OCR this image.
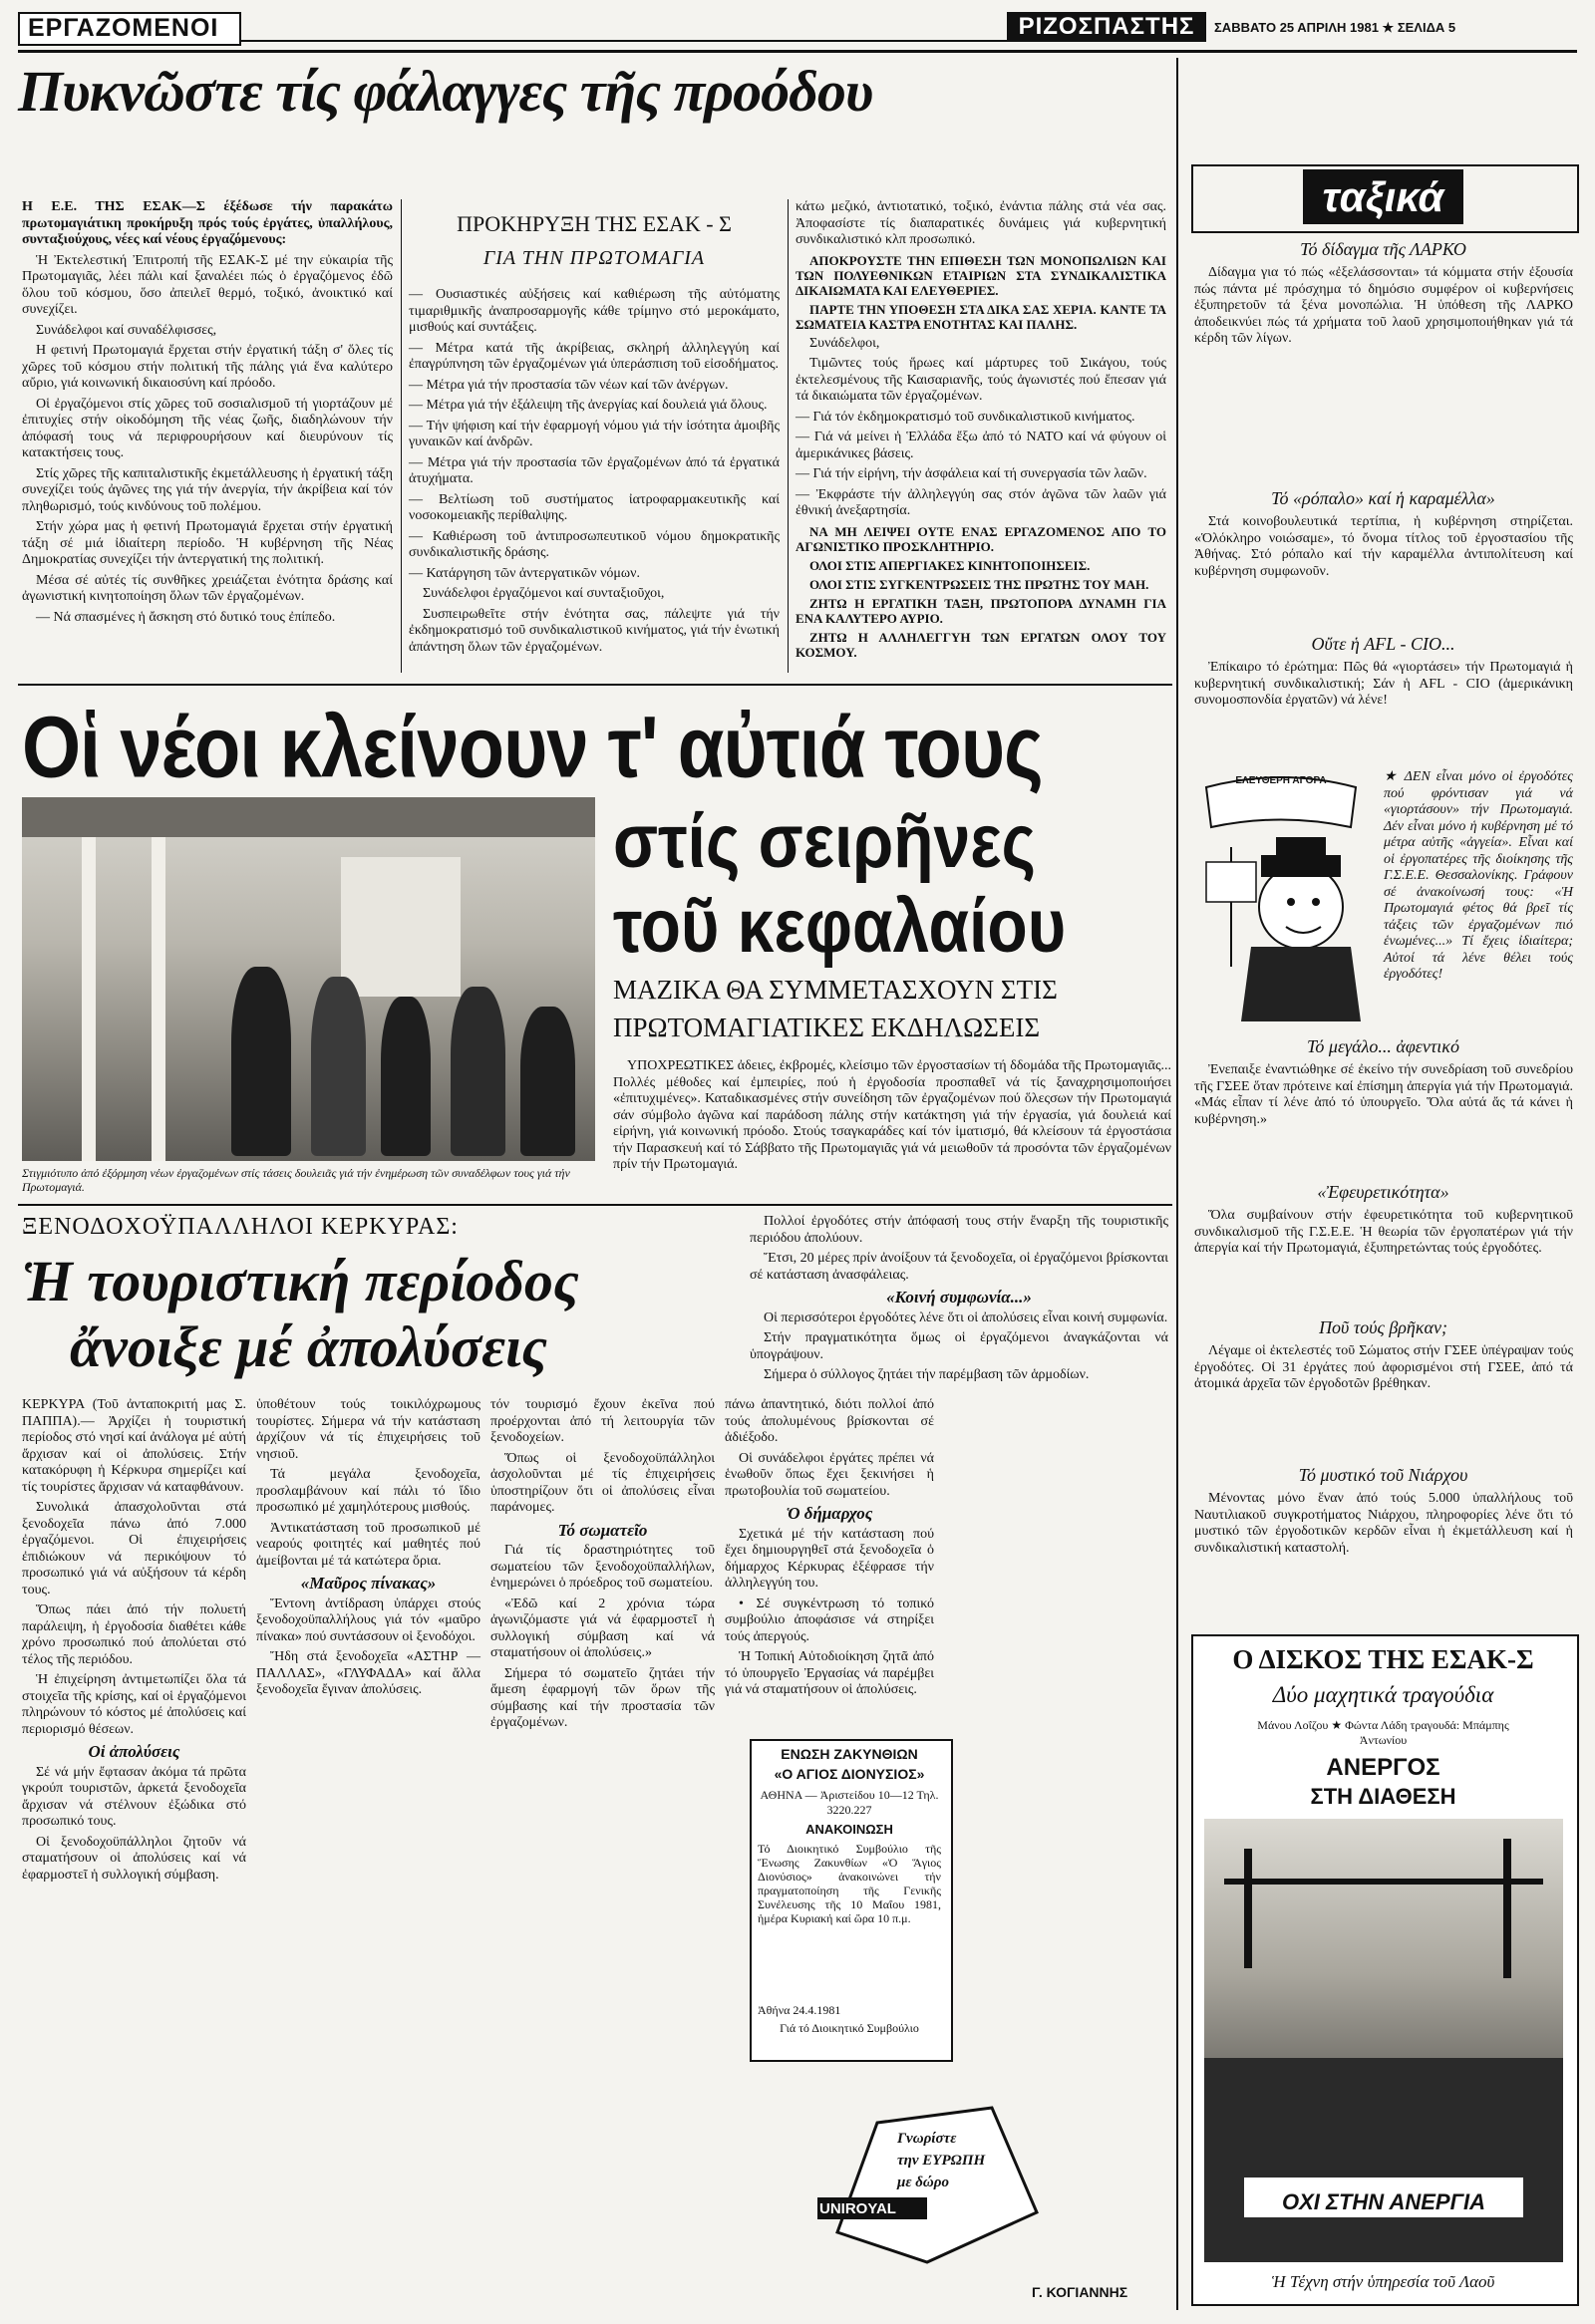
ΕΡΓΑΖΟΜΕΝΟΙ	ΡΙΖΟΣΠΑΣΤΗΣ	ΣΑΒΒΑΤΟ 25 ΑΠΡΙΛΗ 1981 ★ ΣΕΛΙΔΑ 5
Πυκνῶστε τίς φάλαγγες τῆς προόδου

Η Ε.Ε. ΤΗΣ ΕΣΑΚ—Σ έξέδωσε τήν παρακάτω πρωτομαγιάτικη προκήρυξη πρός τούς ἐργάτες, ὑπαλλήλους, συνταξιούχους, νέες καί νέους ἐργαζόμενους:

Ἡ Ἐκτελεστική Ἐπιτροπή τῆς ΕΣΑΚ-Σ μέ την εὐκαιρία τῆς Πρωτομαγιᾶς, λέει πάλι καί ξαναλέει πώς ὁ ἐργαζόμενος ἐδῶ ὅλου τοῦ κόσμου, ὅσο ἀπειλεῖ θερμό, τοξικό, ἀνοικτικό καί συνεχίζει.

Συνάδελφοι καί συναδέλφισσες,

Η φετινή Πρωτομαγιά ἔρχεται στήν ἐργατική τάξη σ' ὅλες τίς χῶρες τοῦ κόσμου στήν πολιτική τῆς πάλης γιά ἕνα καλύτερο αὔριο, γιά κοινωνική δικαιοσύνη καί πρόοδο.

Οἱ ἐργαζόμενοι στίς χῶρες τοῦ σοσιαλισμοῦ τή γιορτάζουν μέ ἐπιτυχίες στήν οἰκοδόμηση τῆς νέας ζωῆς, διαδηλώνουν τήν ἀπόφασή τους νά περιφρουρήσουν καί διευρύνουν τίς κατακτήσεις τους.

Στίς χῶρες τῆς καπιταλιστικῆς ἐκμετάλλευσης ἡ ἐργατική τάξη συνεχίζει τούς ἀγῶνες της γιά τήν ἀνεργία, τήν ἀκρίβεια καί τόν πληθωρισμό, τούς κινδύνους τοῦ πολέμου.

Στήν χώρα μας ἡ φετινή Πρωτομαγιά ἔρχεται στήν ἐργατική τάξη σέ μιά ἰδιαίτερη περίοδο. Ἡ κυβέρνηση τῆς Νέας Δημοκρατίας συνεχίζει τήν ἀντεργατική της πολιτική.

Μέσα σέ αὐτές τίς συνθῆκες χρειάζεται ἑνότητα δράσης καί ἀγωνιστική κινητοποίηση ὅλων τῶν ἐργαζομένων.

— Νά σπασμένες ἡ ἄσκηση στό δυτικό τους ἐπίπεδο.

ΠΡΟΚΗΡΥΞΗ ΤΗΣ ΕΣΑΚ - Σ
ΓΙΑ ΤΗΝ ΠΡΩΤΟΜΑΓΙΑ

— Ουσιαστικές αὐξήσεις καί καθιέρωση τῆς αὐτόματης τιμαριθμικῆς ἀναπροσαρμογῆς κάθε τρίμηνο στό μεροκάματο, μισθούς καί συντάξεις.

— Μέτρα κατά τῆς ἀκρίβειας, σκληρή ἀλληλεγγύη καί ἐπαγρύπνηση τῶν ἐργαζομένων γιά ὑπεράσπιση τοῦ εἰσοδήματος.

— Μέτρα γιά τήν προστασία τῶν νέων καί τῶν ἀνέργων.

— Μέτρα γιά τήν ἐξάλειψη τῆς ἀνεργίας καί δουλειά γιά ὅλους.

— Τήν ψήφιση καί τήν ἐφαρμογή νόμου γιά τήν ἰσότητα ἀμοιβῆς γυναικῶν καί ἀνδρῶν.

— Μέτρα γιά τήν προστασία τῶν ἐργαζομένων ἀπό τά ἐργατικά ἀτυχήματα.

— Βελτίωση τοῦ συστήματος ἰατροφαρμακευτικῆς καί νοσοκομειακῆς περίθαλψης.

— Καθιέρωση τοῦ ἀντιπροσωπευτικοῦ νόμου δημοκρατικῆς συνδικαλιστικῆς δράσης.

— Κατάργηση τῶν ἀντεργατικῶν νόμων.

Συνάδελφοι ἐργαζόμενοι καί συνταξιοῦχοι,

Συσπειρωθεῖτε στήν ἑνότητα σας, πάλεψτε γιά τήν ἐκδημοκρατισμό τοῦ συνδικαλιστικοῦ κινήματος, γιά τήν ἑνωτική ἀπάντηση ὅλων τῶν ἐργαζομένων.

κάτω μεζικό, ἀντιοτατικό, τοξικό, ἐνάντια πάλης στά νέα σας. Ἀποφασίστε τίς διαπαρατικές δυνάμεις γιά κυβερνητική συνδικαλιστικό κλπ προσωπικό.

ΑΠΟΚΡΟΥΣΤΕ ΤΗΝ ΕΠΙΘΕΣΗ ΤΩΝ ΜΟΝΟΠΩΛΙΩΝ ΚΑΙ ΤΩΝ ΠΟΛΥΕΘΝΙΚΩΝ ΕΤΑΙΡΙΩΝ ΣΤΑ ΣΥΝΔΙΚΑΛΙΣΤΙΚΑ ΔΙΚΑΙΩΜΑΤΑ ΚΑΙ ΕΛΕΥΘΕΡΙΕΣ.

ΠΑΡΤΕ ΤΗΝ ΥΠΟΘΕΣΗ ΣΤΑ ΔΙΚΑ ΣΑΣ ΧΕΡΙΑ. ΚΑΝΤΕ ΤΑ ΣΩΜΑΤΕΙΑ ΚΑΣΤΡΑ ΕΝΟΤΗΤΑΣ ΚΑΙ ΠΑΛΗΣ.

Συνάδελφοι,

Τιμῶντες τούς ἥρωες καί μάρτυρες τοῦ Σικάγου, τούς ἐκτελεσμένους τῆς Καισαριανῆς, τούς ἀγωνιστές πού ἔπεσαν γιά τά δικαιώματα τῶν ἐργαζομένων.

— Γιά τόν ἐκδημοκρατισμό τοῦ συνδικαλιστικοῦ κινήματος.

— Γιά νά μείνει ἡ Ἑλλάδα ἔξω ἀπό τό ΝΑΤΟ καί νά φύγουν οἱ ἀμερικάνικες βάσεις.

— Γιά τήν εἰρήνη, τήν ἀσφάλεια καί τή συνεργασία τῶν λαῶν.

— Ἐκφράστε τήν ἀλληλεγγύη σας στόν ἀγῶνα τῶν λαῶν γιά ἐθνική ἀνεξαρτησία.

ΝΑ ΜΗ ΛΕΙΨΕΙ ΟΥΤΕ ΕΝΑΣ ΕΡΓΑΖΟΜΕΝΟΣ ΑΠΟ ΤΟ ΑΓΩΝΙΣΤΙΚΟ ΠΡΟΣΚΛΗΤΗΡΙΟ.

ΟΛΟΙ ΣΤΙΣ ΑΠΕΡΓΙΑΚΕΣ ΚΙΝΗΤΟΠΟΙΗΣΕΙΣ.

ΟΛΟΙ ΣΤΙΣ ΣΥΓΚΕΝΤΡΩΣΕΙΣ ΤΗΣ ΠΡΩΤΗΣ ΤΟΥ ΜΑΗ.

ΖΗΤΩ Η ΕΡΓΑΤΙΚΗ ΤΑΞΗ, ΠΡΩΤΟΠΟΡΑ ΔΥΝΑΜΗ ΓΙΑ ΕΝΑ ΚΑΛΥΤΕΡΟ ΑΥΡΙΟ.

ΖΗΤΩ Η ΑΛΛΗΛΕΓΓΥΗ ΤΩΝ ΕΡΓΑΤΩΝ ΟΛΟΥ ΤΟΥ ΚΟΣΜΟΥ.

Οἱ νέοι κλείνουν τ' αὐτιά τους
Στιγμιότυπο ἀπό ἐξόρμηση νέων ἐργαζομένων στίς τάσεις δουλειᾶς γιά τήν ἐνημέρωση τῶν συναδέλφων τους γιά τήν Πρωτομαγιά.
στίς σειρῆνες
τοῦ κεφαλαίου
ΜΑΖΙΚΑ ΘΑ ΣΥΜΜΕΤΑΣΧΟΥΝ ΣΤΙΣ
ΠΡΩΤΟΜΑΓΙΑΤΙΚΕΣ ΕΚΔΗΛΩΣΕΙΣ

ΥΠΟΧΡΕΩΤΙΚΕΣ ἀδειες, ἐκβρομές, κλείσιμο τῶν ἐργοστασίων τή δδομάδα τῆς Πρωτομαγιᾶς... Πολλές μέθοδες καί ἐμπειρίες, πού ἡ ἐργοδοσία προσπαθεῖ νά τίς ξαναχρησιμοποιήσει «ἐπιτυχιμένες». Καταδικασμένες στήν συνείδηση τῶν ἐργαζομένων πού ὅλεςσων τήν Πρωτομαγιά σάν σύμβολο ἀγῶνα καί παράδοση πάλης στήν κατάκτηση γιά τήν ἐργασία, γιά δουλειά καί εἰρήνη, γιά κοινωνική πρόοδο. Στούς τσαγκαράδες καί τόν ἱματισμό, θά κλείσουν τά ἐργοστάσια τήν Παρασκευή καί τό Σάββατο τῆς Πρωτομαγιᾶς γιά νά μειωθοῦν τά προσόντα τῶν ἐργαζομένων πρίν τήν Πρωτομαγιά.

ΞΕΝΟΔΟΧΟΫΠΑΛΛΗΛΟΙ ΚΕΡΚΥΡΑΣ:
Ἡ τουριστική περίοδος
ἄνοιξε μέ ἀπολύσεις

ΚΕΡΚΥΡΑ (Τοῦ ἀνταποκριτή μας Σ. ΠΑΠΠΑ).— Ἀρχίζει ἡ τουριστική περίοδος στό νησί καί ἀνάλογα μέ αὐτή ἄρχισαν καί οἱ ἀπολύσεις. Στήν κατακόρυφη ἡ Κέρκυρα σημερίζει καί τίς τουρίστες ἄρχισαν νά καταφθάνουν.

Συνολικά ἀπασχολοῦνται στά ξενοδοχεῖα πάνω ἀπό 7.000 ἐργαζόμενοι. Οἱ ἐπιχειρήσεις ἐπιδιώκουν νά περικόψουν τό προσωπικό γιά νά αὐξήσουν τά κέρδη τους.

Ὅπως πάει ἀπό τήν πολυετή παράλειψη, ἡ ἐργοδοσία διαθέτει κάθε χρόνο προσωπικό πού ἀπολύεται στό τέλος τῆς περιόδου.

Ἡ ἐπιχείρηση ἀντιμετωπίζει ὅλα τά στοιχεῖα τῆς κρίσης, καί οἱ ἐργαζόμενοι πληρώνουν τό κόστος μέ ἀπολύσεις καί περιορισμό θέσεων.

Οἱ ἀπολύσεις

Σέ νά μήν ἔφτασαν ἀκόμα τά πρῶτα γκρούπ τουριστῶν, ἀρκετά ξενοδοχεῖα ἄρχισαν νά στέλνουν ἐξώδικα στό προσωπικό τους.

Οἱ ξενοδοχοϋπάλληλοι ζητοῦν νά σταματήσουν οἱ ἀπολύσεις καί νά ἐφαρμοστεῖ ἡ συλλογική σύμβαση.

ὑποθέτουν τούς τοικιλόχρωμους τουρίστες. Σήμερα νά τήν κατάσταση ἀρχίζουν νά τίς ἐπιχειρήσεις τοῦ νησιοῦ.

Τά μεγάλα ξενοδοχεῖα, προσλαμβάνουν καί πάλι τό ἴδιο προσωπικό μέ χαμηλότερους μισθούς.

Ἀντικατάσταση τοῦ προσωπικοῦ μέ νεαρούς φοιτητές καί μαθητές πού ἀμείβονται μέ τά κατώτερα ὅρια.

«Μαῦρος πίνακας»

Ἔντονη ἀντίδραση ὑπάρχει στούς ξενοδοχοϋπαλλήλους γιά τόν «μαῦρο πίνακα» πού συντάσσουν οἱ ξενοδόχοι.

Ἤδη στά ξενοδοχεῖα «ΑΣΤΗΡ — ΠΑΛΛΑΣ», «ΓΛΥΦΑΔΑ» καί ἄλλα ξενοδοχεῖα ἔγιναν ἀπολύσεις.

τόν τουρισμό ἔχουν ἐκεῖνα πού προέρχονται ἀπό τή λειτουργία τῶν ξενοδοχείων.

Ὅπως οἱ ξενοδοχοϋπάλληλοι ἀσχολοῦνται μέ τίς ἐπιχειρήσεις ὑποστηρίζουν ὅτι οἱ ἀπολύσεις εἶναι παράνομες.

Τό σωματεῖο

Γιά τίς δραστηριότητες τοῦ σωματείου τῶν ξενοδοχοϋπαλλήλων, ἐνημερώνει ὁ πρόεδρος τοῦ σωματείου.

«Ἐδῶ καί 2 χρόνια τώρα ἀγωνιζόμαστε γιά νά ἐφαρμοστεῖ ἡ συλλογική σύμβαση καί νά σταματήσουν οἱ ἀπολύσεις.»

Σήμερα τό σωματεῖο ζητάει τήν ἄμεση ἐφαρμογή τῶν ὅρων τῆς σύμβασης καί τήν προστασία τῶν ἐργαζομένων.

πάνω ἀπαντητικό, διότι πολλοί ἀπό τούς ἀπολυμένους βρίσκονται σέ ἀδιέξοδο.

Οἱ συνάδελφοι ἐργάτες πρέπει νά ἑνωθοῦν ὅπως ἔχει ξεκινήσει ἡ πρωτοβουλία τοῦ σωματείου.

Ὁ δήμαρχος

Σχετικά μέ τήν κατάσταση πού ἔχει δημιουργηθεῖ στά ξενοδοχεῖα ὁ δήμαρχος Κέρκυρας ἐξέφρασε τήν ἀλληλεγγύη του.

• Σέ συγκέντρωση τό τοπικό συμβούλιο ἀποφάσισε νά στηρίξει τούς ἀπεργούς.

Ἡ Τοπική Αὐτοδιοίκηση ζητᾶ ἀπό τό ὑπουργεῖο Ἐργασίας νά παρέμβει γιά νά σταματήσουν οἱ ἀπολύσεις.

Πολλοί ἐργοδότες στήν ἀπόφασή τους στήν ἔναρξη τῆς τουριστικῆς περιόδου ἀπολύουν.

Ἔτσι, 20 μέρες πρίν ἀνοίξουν τά ξενοδοχεῖα, οἱ ἐργαζόμενοι βρίσκονται σέ κατάσταση ἀνασφάλειας.

«Κοινή συμφωνία...»

Οἱ περισσότεροι ἐργοδότες λένε ὅτι οἱ ἀπολύσεις εἶναι κοινή συμφωνία.

Στήν πραγματικότητα ὅμως οἱ ἐργαζόμενοι ἀναγκάζονται νά ὑπογράψουν.

Σήμερα ὁ σύλλογος ζητάει τήν παρέμβαση τῶν ἁρμοδίων.

ΕΝΩΣΗ ΖΑΚΥΝΘΙΩΝ
«Ο ΑΓΙΟΣ ΔΙΟΝΥΣΙΟΣ»
ΑΘΗΝΑ — Ἀριστείδου 10—12 Τηλ. 3220.227
ΑΝΑΚΟΙΝΩΣΗ
Τό Διοικητικό Συμβούλιο τῆς Ἕνωσης Ζακυνθίων «Ὁ Ἅγιος Διονύσιος» ἀνακοινώνει τήν πραγματοποίηση τῆς Γενικῆς Συνέλευσης τῆς 10 Μαΐου 1981, ἡμέρα Κυριακή καί ὥρα 10 π.μ.
Ἀθήνα 24.4.1981
Γιά τό Διοικητικό Συμβούλιο
Γνωρίστε
την ΕΥΡΩΠΗ
με δώρο
UNIROYAL
Γ. ΚΟΓΙΑΝΝΗΣ
ταξικά
Τό δίδαγμα τῆς ΛΑΡΚΟ

Δίδαγμα για τό πώς «ἐξελάσσονται» τά κόμματα στήν ἐξουσία πώς πάντα μέ πρόσχημα τό δημόσιο συμφέρον οἱ κυβερνήσεις ἐξυπηρετοῦν τά ξένα μονοπώλια. Ἡ ὑπόθεση τῆς ΛΑΡΚΟ ἀποδεικνύει πώς τά χρήματα τοῦ λαοῦ χρησιμοποιήθηκαν γιά τά κέρδη τῶν λίγων.

Τό «ρόπαλο» καί ἡ καραμέλλα»

Στά κοινοβουλευτικά τερτίπια, ἡ κυβέρνηση στηρίζεται. «Ὁλόκληρο νοιώσαμε», τό ὄνομα τίτλος τοῦ ἐργοστασίου τῆς Ἀθήνας. Στό ρόπαλο καί τήν καραμέλλα ἀντιπολίτευση καί κυβέρνηση συμφωνοῦν.

Οὔτε ἡ AFL - CIO...

Ἐπίκαιρο τό ἐρώτημα: Πῶς θά «γιορτάσει» τήν Πρωτομαγιά ἡ κυβερνητική συνδικαλιστική; Σάν ἡ AFL - CIO (ἀμερικάνικη συνομοσπονδία ἐργατῶν) νά λένε!

ΕΛΕΥΘΕΡΗ ΑΓΟΡΑ	★ ΔΕΝ εἶναι μόνο οἱ ἐργοδότες πού φρόντισαν γιά νά «γιορτάσουν» τήν Πρωτομαγιά. Δέν εἶναι μόνο ἡ κυβέρνηση μέ τό μέτρα αὐτῆς «ἀγγεία». Εἶναι καί οἱ ἐργοπατέρες τῆς διοίκησης τῆς Γ.Σ.Ε.Ε. Θεσσαλονίκης. Γράφουν σέ ἀνακοίνωσή τους: «Ἡ Πρωτομαγιά φέτος θά βρεῖ τίς τάξεις τῶν ἐργαζομένων πιό ἑνωμένες...» Τί ἔχεις ἰδιαίτερα; Αὐτοί τά λένε θέλει τούς ἐργοδότες!

Τό μεγάλο... ἀφεντικό

Ἐνεπαιξε ἐναντιώθηκε σέ ἐκείνο τήν συνεδρίαση τοῦ συνεδρίου τῆς ΓΣΕΕ ὅταν πρότεινε καί ἐπίσημη ἀπεργία γιά τήν Πρωτομαγιά. «Μάς εἶπαν τί λένε ἀπό τό ὑπουργεῖο. Ὅλα αὐτά ἄς τά κάνει ἡ κυβέρνηση.»

«Ἐφευρετικότητα»

Ὅλα συμβαίνουν στήν ἐφευρετικότητα τοῦ κυβερνητικοῦ συνδικαλισμοῦ τῆς Γ.Σ.Ε.Ε. Ἡ θεωρία τῶν ἐργοπατέρων γιά τήν ἀπεργία καί τήν Πρωτομαγιά, ἐξυπηρετώντας τούς ἐργοδότες.

Ποῦ τούς βρῆκαν;

Λέγαμε οἱ ἐκτελεστές τοῦ Σώματος στήν ΓΣΕΕ ὑπέγραψαν τούς ἐργοδότες. Οἱ 31 ἐργάτες πού ἀφορισμένοι στή ΓΣΕΕ, ἀπό τά ἀτομικά ἀρχεῖα τῶν ἐργοδοτῶν βρέθηκαν.

Τό μυστικό τοῦ Νιάρχου

Μένοντας μόνο ἕναν ἀπό τούς 5.000 ὑπαλλήλους τοῦ Ναυτιλιακοῦ συγκροτήματος Νιάρχου, πληροφορίες λένε ὅτι τό μυστικό τῶν ἐργοδοτικῶν κερδῶν εἶναι ἡ ἐκμετάλλευση καί ἡ συνδικαλιστική καταστολή.

Ο ΔΙΣΚΟΣ ΤΗΣ ΕΣΑΚ-Σ
Δύο μαχητικά τραγούδια
Μάνου Λοΐζου ★ Φώντα Λάδη τραγουδά: Μπάμπης Ἀντωνίου
ΑΝΕΡΓΟΣ
ΣΤΗ ΔΙΑΘΕΣΗ
ΟΧΙ ΣΤΗΝ ΑΝΕΡΓΙΑ
Ἡ Τέχνη στήν ὑπηρεσία τοῦ Λαοῦ
